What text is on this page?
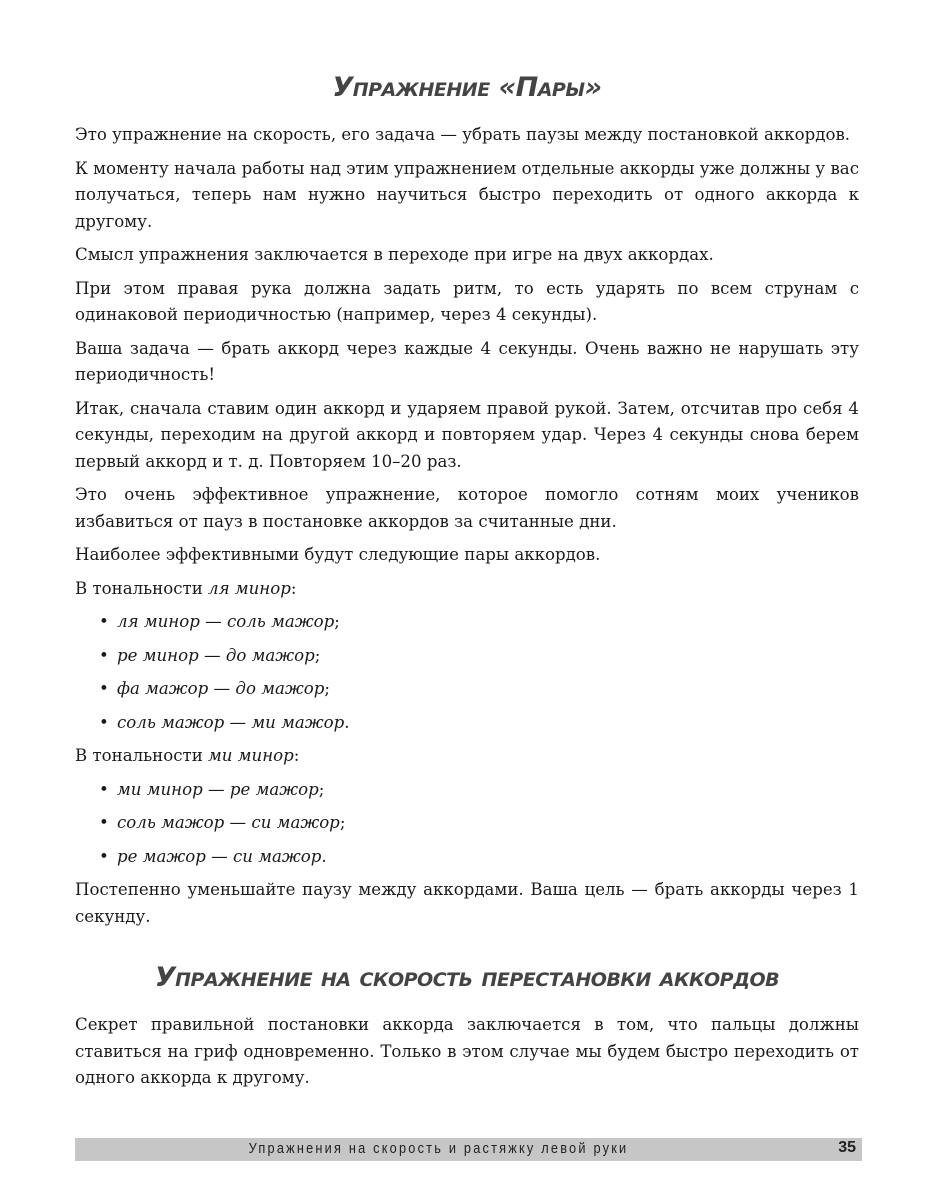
Упражнение «Пары»

Это упражнение на скорость, его задача — убрать паузы между постановкой аккордов.

К моменту начала работы над этим упражнением отдельные аккорды уже должны у вас получаться, теперь нам нужно научиться быстро переходить от одного аккорда к другому.

Смысл упражнения заключается в переходе при игре на двух аккордах.

При этом правая рука должна задать ритм, то есть ударять по всем струнам с одинаковой периодичностью (например, через 4 секунды).

Ваша задача — брать аккорд через каждые 4 секунды. Очень важно не нарушать эту периодичность!

Итак, сначала ставим один аккорд и ударяем правой рукой. Затем, отсчитав про себя 4 секунды, переходим на другой аккорд и повторяем удар. Через 4 секунды снова берем первый аккорд и т. д. Повторяем 10–20 раз.

Это очень эффективное упражнение, которое помогло сотням моих учеников избавиться от пауз в постановке аккордов за считанные дни.

Наиболее эффективными будут следующие пары аккордов.

В тональности ля минор:

• ля минор — соль мажор;
• ре минор — до мажор;
• фа мажор — до мажор;
• соль мажор — ми мажор.

В тональности ми минор:

• ми минор — ре мажор;
• соль мажор — си мажор;
• ре мажор — си мажор.

Постепенно уменьшайте паузу между аккордами. Ваша цель — брать аккорды через 1 секунду.

Упражнение на скорость перестановки аккордов

Секрет правильной постановки аккорда заключается в том, что пальцы должны ставиться на гриф одновременно. Только в этом случае мы будем быстро переходить от одного аккорда к другому.

Упражнения на скорость и растяжку левой руки	35
